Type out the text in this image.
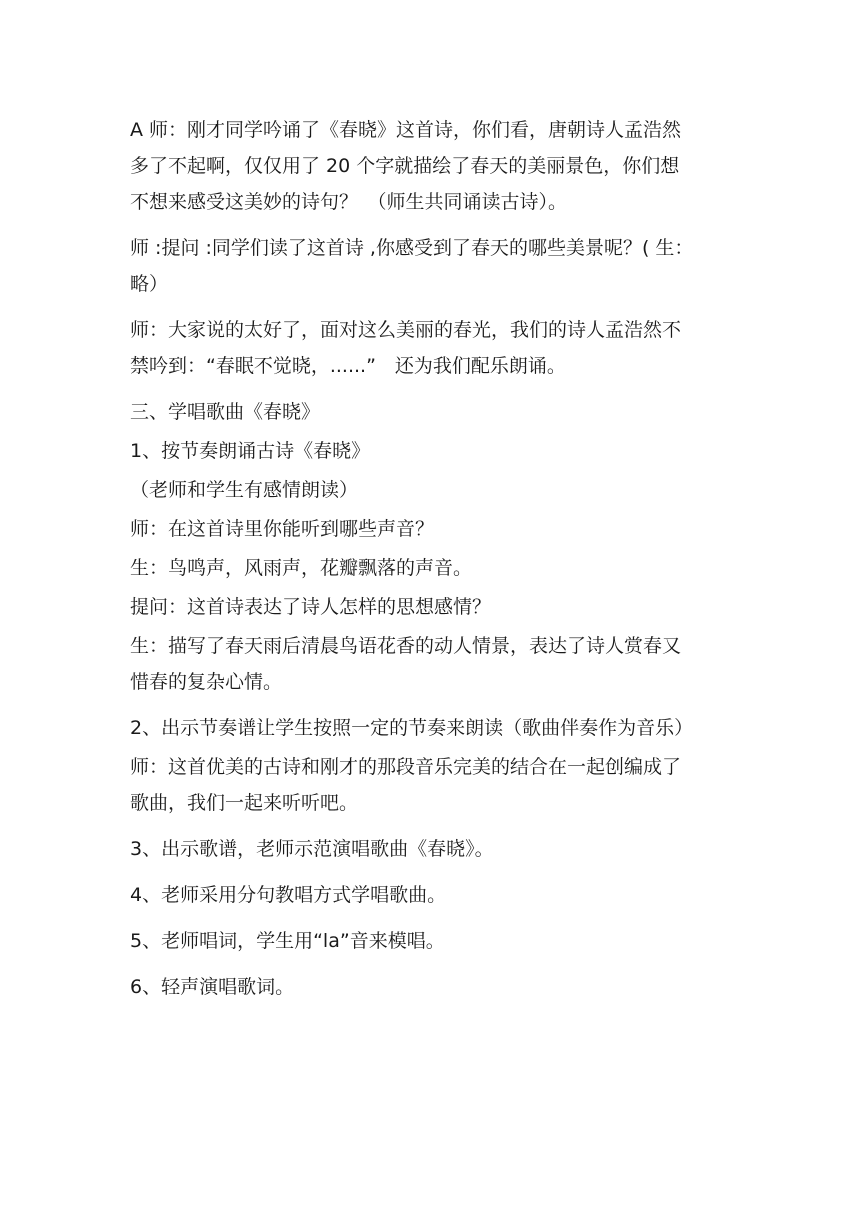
A 师：刚才同学吟诵了《春晓》这首诗，你们看，唐朝诗人孟浩然
多了不起啊，仅仅用了 20 个字就描绘了春天的美丽景色，你们想
不想来感受这美妙的诗句？　（师生共同诵读古诗）。
师 :提问 :同学们读了这首诗 ,你感受到了春天的哪些美景呢？( 生：
略）
师：大家说的太好了，面对这么美丽的春光，我们的诗人孟浩然不
禁吟到：“春眠不觉晓，......”　还为我们配乐朗诵。
三、学唱歌曲《春晓》
1、按节奏朗诵古诗《春晓》
（老师和学生有感情朗读）
师：在这首诗里你能听到哪些声音？
生：鸟鸣声，风雨声，花瓣飘落的声音。
提问：这首诗表达了诗人怎样的思想感情？
生：描写了春天雨后清晨鸟语花香的动人情景，表达了诗人赏春又
惜春的复杂心情。
2、出示节奏谱让学生按照一定的节奏来朗读（歌曲伴奏作为音乐）
师：这首优美的古诗和刚才的那段音乐完美的结合在一起创编成了
歌曲，我们一起来听听吧。
3、出示歌谱，老师示范演唱歌曲《春晓》。
4、老师采用分句教唱方式学唱歌曲。
5、老师唱词，学生用“la”音来模唱。
6、轻声演唱歌词。
